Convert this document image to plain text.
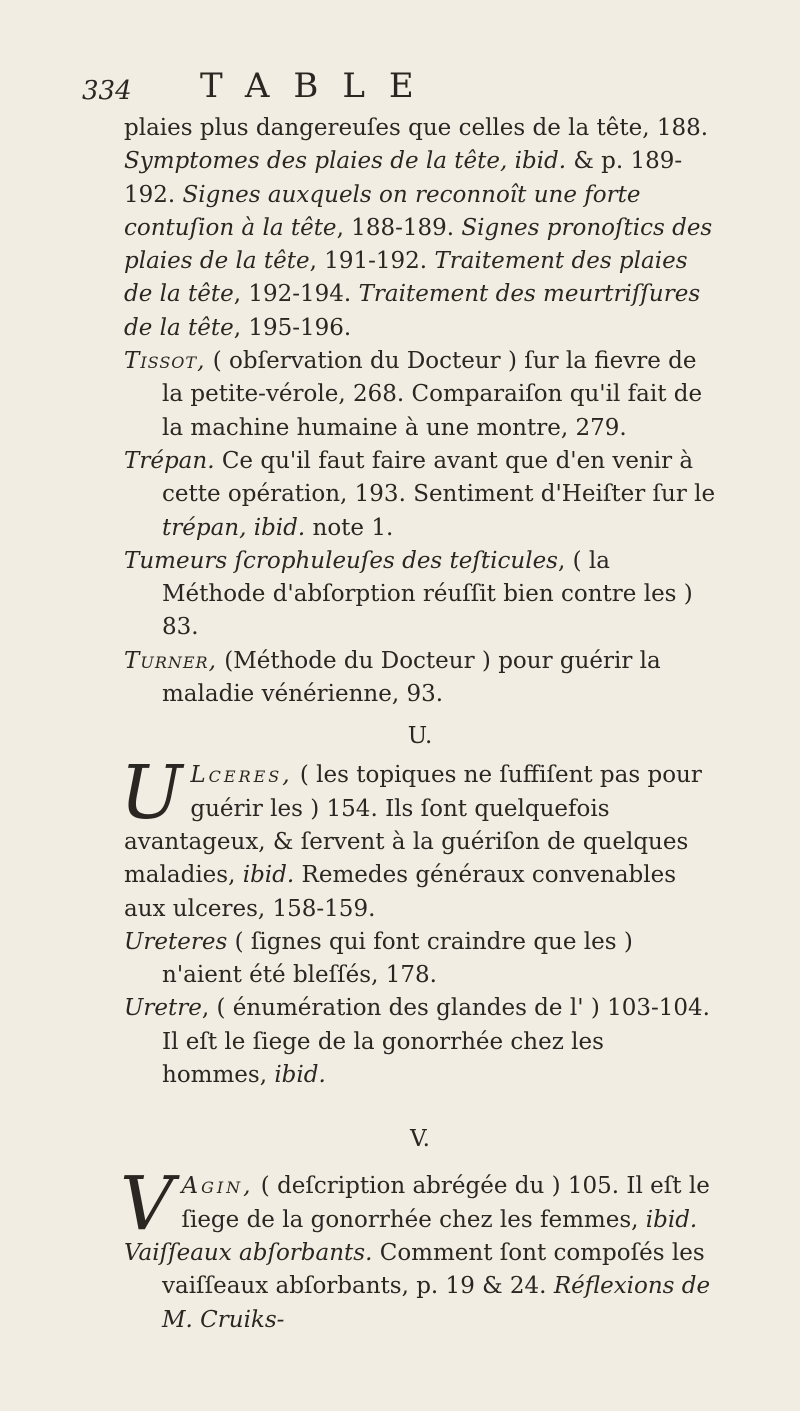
334 TABLE

plaies plus dangereuſes que celles de la tête, 188. Symptomes des plaies de la tête, ibid. & p. 189-192. Signes auxquels on reconnoît une forte contuſion à la tête, 188-189. Signes pronoſtics des plaies de la tête, 191-192. Traitement des plaies de la tête, 192-194. Traitement des meurtriſſures de la tête, 195-196.

Tissot, ( obſervation du Docteur ) ſur la fievre de la petite-vérole, 268. Comparaiſon qu'il fait de la machine humaine à une montre, 279.

Trépan. Ce qu'il faut faire avant que d'en venir à cette opération, 193. Sentiment d'Heiſter ſur le trépan, ibid. note 1.

Tumeurs ſcrophuleuſes des teſticules, ( la Méthode d'abſorption réuſſit bien contre les ) 83.

Turner, (Méthode du Docteur ) pour guérir la maladie vénérienne, 93.

U.

U Lceres, ( les topiques ne ſuffiſent pas pour guérir les ) 154. Ils ſont quelquefois avantageux, & ſervent à la guériſon de quelques maladies, ibid. Remedes généraux convenables aux ulceres, 158-159.

Ureteres ( ſignes qui font craindre que les ) n'aient été bleſſés, 178.

Uretre, ( énumération des glandes de l' ) 103-104. Il eſt le ſiege de la gonorrhée chez les hommes, ibid.

V.

V Agin, ( deſcription abrégée du ) 105. Il eſt le ſiege de la gonorrhée chez les femmes, ibid.

Vaiſſeaux abſorbants. Comment ſont compoſés les vaiſſeaux abſorbants, p. 19 & 24. Réflexions de M. Cruiks-
